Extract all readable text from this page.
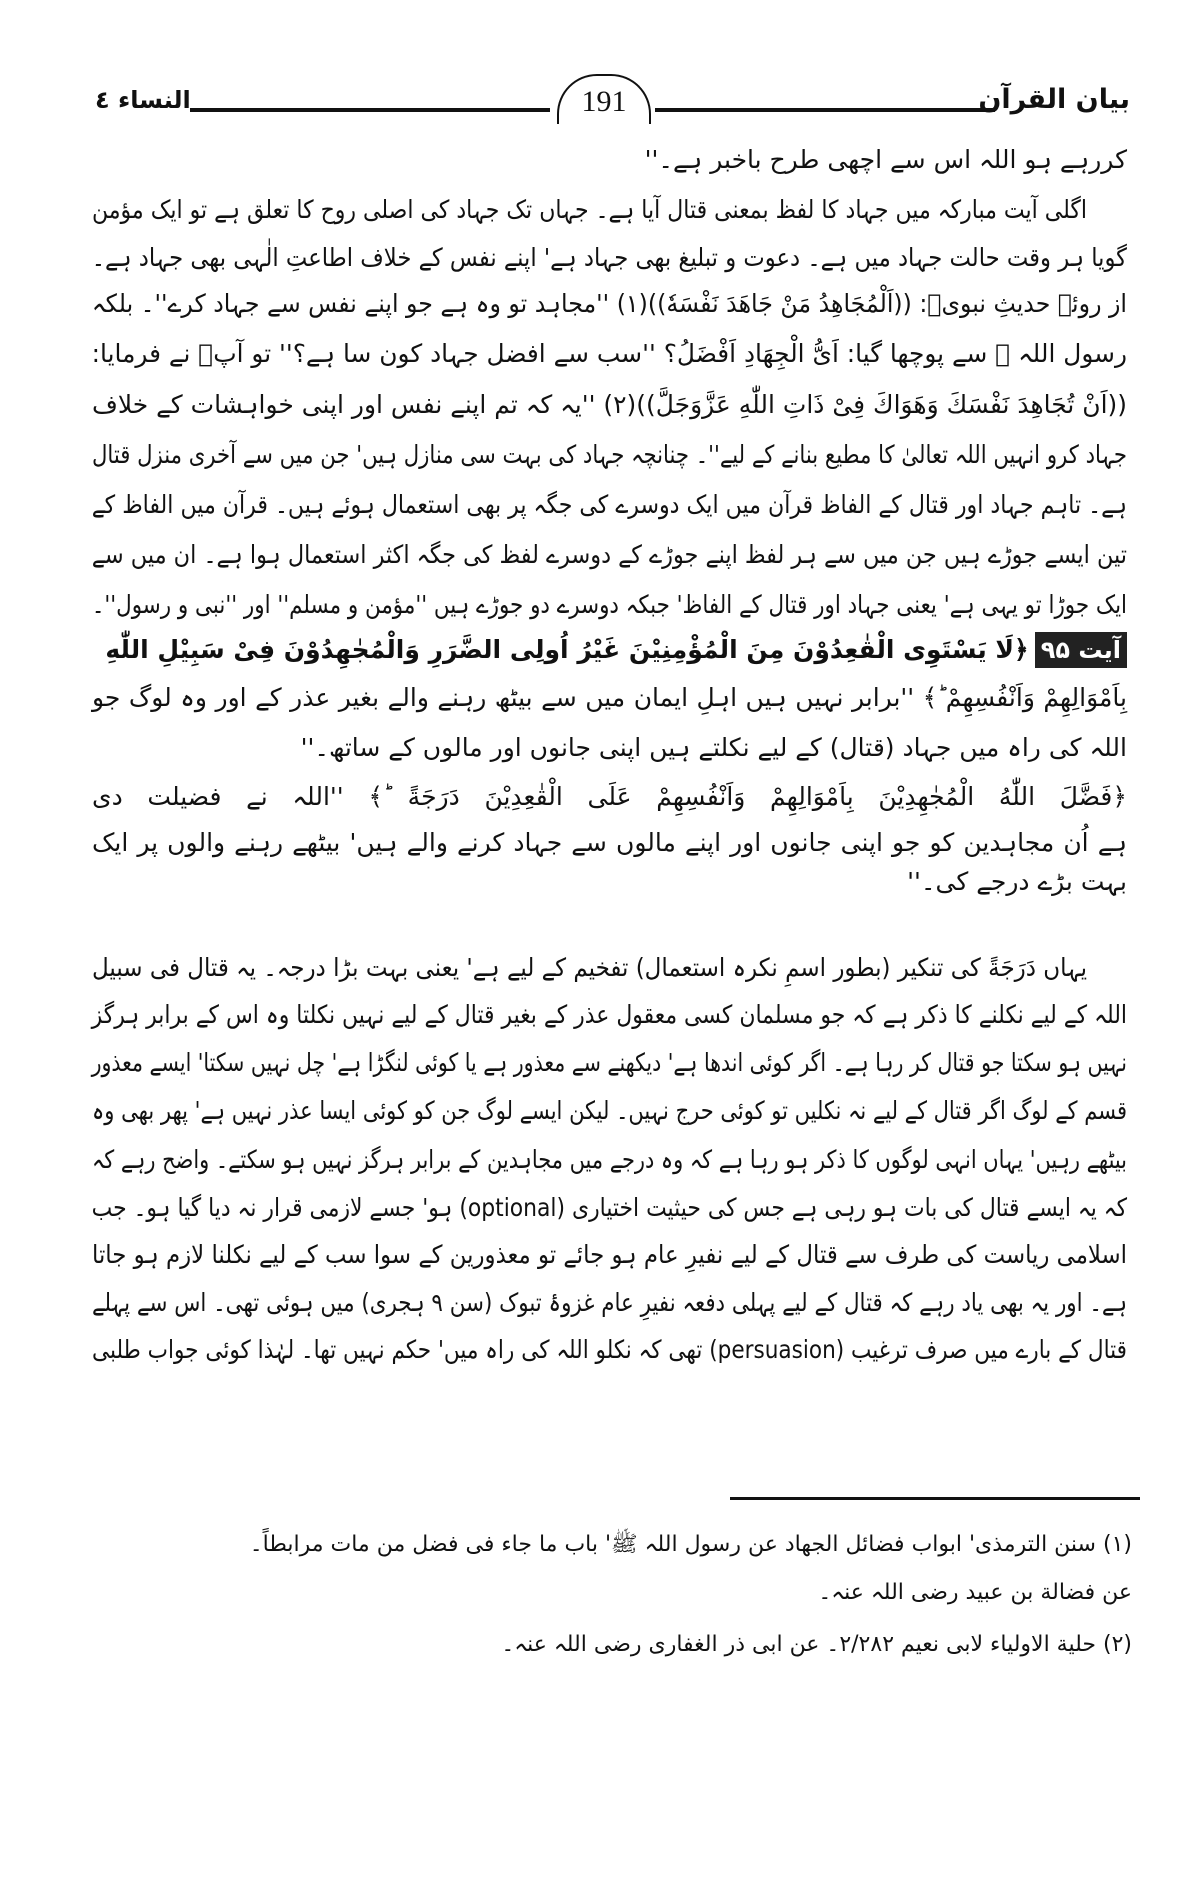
بیان القرآن
191
النساء ٤
کررہے ہو اللہ اس سے اچھی طرح باخبر ہے۔''
اگلی آیت مبارکہ میں جہاد کا لفظ بمعنی قتال آیا ہے۔ جہاں تک جہاد کی اصلی روح کا تعلق ہے تو ایک مؤمن
گویا ہر وقت حالت جہاد میں ہے۔ دعوت و تبلیغ بھی جہاد ہے' اپنے نفس کے خلاف اطاعتِ الٰہی بھی جہاد ہے۔
از روئے حدیثِ نبویؐ: ((اَلْمُجَاهِدُ مَنْ جَاهَدَ نَفْسَهٗ))(۱) ''مجاہد تو وہ ہے جو اپنے نفس سے جہاد کرے''۔ بلکہ
رسول اللہ ﷺ سے پوچھا گیا: اَیُّ الْجِهَادِ اَفْضَلُ؟ ''سب سے افضل جہاد کون سا ہے؟'' تو آپؐ نے فرمایا:
((اَنْ تُجَاهِدَ نَفْسَكَ وَهَوَاكَ فِیْ ذَاتِ اللّٰهِ عَزَّوَجَلَّ))(۲) ''یہ کہ تم اپنے نفس اور اپنی خواہشات کے خلاف
جہاد کرو انہیں اللہ تعالیٰ کا مطیع بنانے کے لیے''۔ چنانچہ جہاد کی بہت سی منازل ہیں' جن میں سے آخری منزل قتال
ہے۔ تاہم جہاد اور قتال کے الفاظ قرآن میں ایک دوسرے کی جگہ پر بھی استعمال ہوئے ہیں۔ قرآن میں الفاظ کے
تین ایسے جوڑے ہیں جن میں سے ہر لفظ اپنے جوڑے کے دوسرے لفظ کی جگہ اکثر استعمال ہوا ہے۔ ان میں سے
ایک جوڑا تو یہی ہے' یعنی جہاد اور قتال کے الفاظ' جبکہ دوسرے دو جوڑے ہیں ''مؤمن و مسلم'' اور ''نبی و رسول''۔
آیت ۹۵﴿لَا یَسْتَوِی الْقٰعِدُوْنَ مِنَ الْمُؤْمِنِیْنَ غَیْرُ اُولِی الضَّرَرِ وَالْمُجٰهِدُوْنَ فِیْ سَبِیْلِ اللّٰهِ
بِاَمْوَالِهِمْ وَاَنْفُسِهِمْ ؕ﴾ ''برابر نہیں ہیں اہلِ ایمان میں سے بیٹھ رہنے والے بغیر عذر کے اور وہ لوگ جو
اللہ کی راہ میں جہاد (قتال) کے لیے نکلتے ہیں اپنی جانوں اور مالوں کے ساتھ۔''
﴿فَضَّلَ اللّٰهُ الْمُجٰهِدِیْنَ بِاَمْوَالِهِمْ وَاَنْفُسِهِمْ عَلَی الْقٰعِدِیْنَ دَرَجَةً ؕ﴾ ''اللہ نے فضیلت دی
ہے اُن مجاہدین کو جو اپنی جانوں اور اپنے مالوں سے جہاد کرنے والے ہیں' بیٹھے رہنے والوں پر ایک
بہت بڑے درجے کی۔''
یہاں دَرَجَةً کی تنکیر (بطور اسمِ نکرہ استعمال) تفخیم کے لیے ہے' یعنی بہت بڑا درجہ۔ یہ قتال فی سبیل
اللہ کے لیے نکلنے کا ذکر ہے کہ جو مسلمان کسی معقول عذر کے بغیر قتال کے لیے نہیں نکلتا وہ اس کے برابر ہرگز
نہیں ہو سکتا جو قتال کر رہا ہے۔ اگر کوئی اندھا ہے' دیکھنے سے معذور ہے یا کوئی لنگڑا ہے' چل نہیں سکتا' ایسے معذور
قسم کے لوگ اگر قتال کے لیے نہ نکلیں تو کوئی حرج نہیں۔ لیکن ایسے لوگ جن کو کوئی ایسا عذر نہیں ہے' پھر بھی وہ
بیٹھے رہیں' یہاں انہی لوگوں کا ذکر ہو رہا ہے کہ وہ درجے میں مجاہدین کے برابر ہرگز نہیں ہو سکتے۔ واضح رہے کہ
کہ یہ ایسے قتال کی بات ہو رہی ہے جس کی حیثیت اختیاری (optional) ہو' جسے لازمی قرار نہ دیا گیا ہو۔ جب
اسلامی ریاست کی طرف سے قتال کے لیے نفیرِ عام ہو جائے تو معذورین کے سوا سب کے لیے نکلنا لازم ہو جاتا
ہے۔ اور یہ بھی یاد رہے کہ قتال کے لیے پہلی دفعہ نفیرِ عام غزوۂ تبوک (سن ۹ ہجری) میں ہوئی تھی۔ اس سے پہلے
قتال کے بارے میں صرف ترغیب (persuasion) تھی کہ نکلو اللہ کی راہ میں' حکم نہیں تھا۔ لہٰذا کوئی جواب طلبی
(۱) سنن الترمذی' ابواب فضائل الجهاد عن رسول اللہ ﷺ' باب ما جاء فی فضل من مات مرابطاً۔
عن فضالة بن عبید رضی اللہ عنہ۔
(۲) حلیة الاولیاء لابی نعیم ۲/۲۸۲۔ عن ابی ذر الغفاری رضی اللہ عنہ۔
